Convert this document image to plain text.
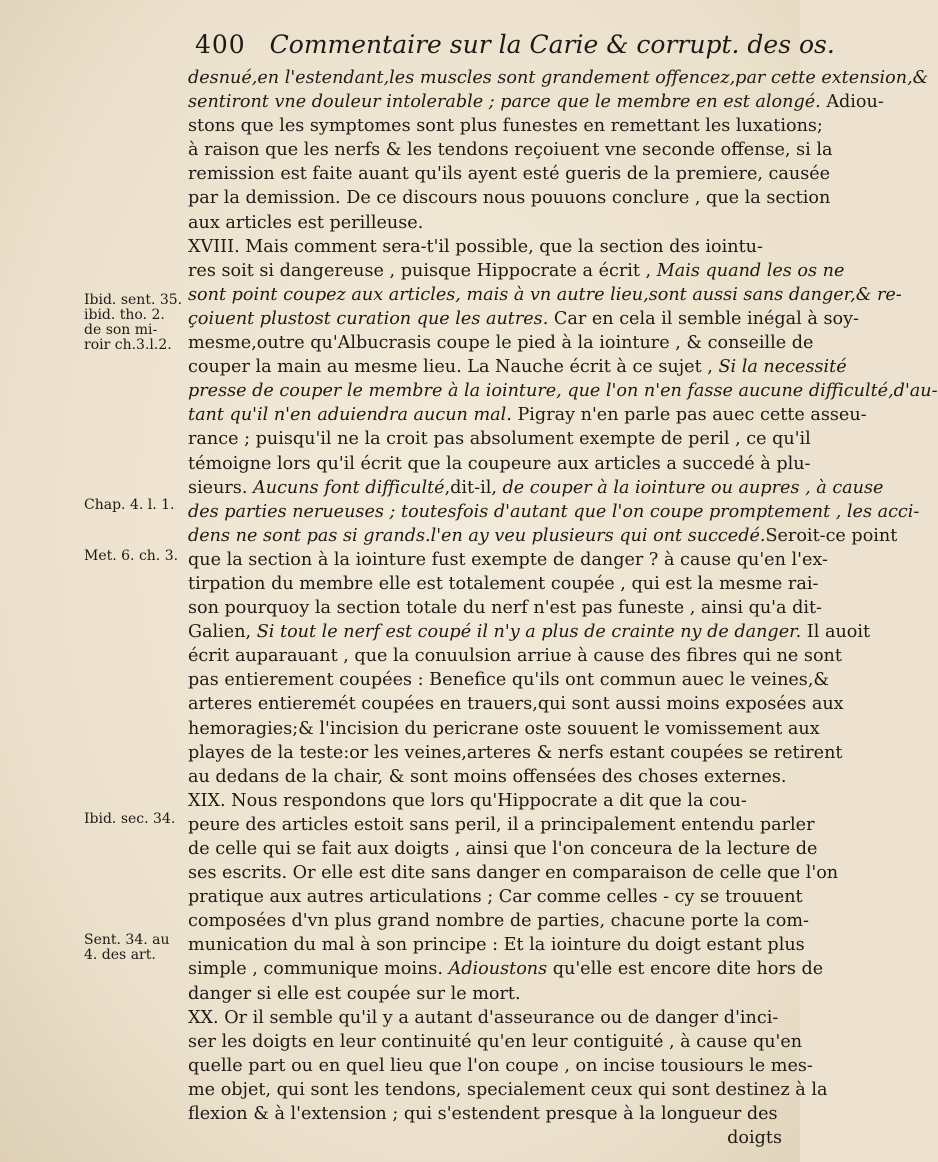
400 Commentaire sur la Carie & corrupt. des os.
desnué,en l'estendant,les muscles sont grandement offencez,par cette extension,&
sentiront vne douleur intolerable ; parce que le membre en est alongé. Adiou-
stons que les symptomes sont plus funestes en remettant les luxations;
à raison que les nerfs & les tendons reçoiuent vne seconde offense, si la
remission est faite auant qu'ils ayent esté gueris de la premiere, causée
par la demission. De ce discours nous pouuons conclure , que la section
aux articles est perilleuse.
XVIII. Mais comment sera-t'il possible, que la section des iointu-
res soit si dangereuse , puisque Hippocrate a écrit , Mais quand les os ne
sont point coupez aux articles, mais à vn autre lieu,sont aussi sans danger,& re-
çoiuent plustost curation que les autres. Car en cela il semble inégal à soy-
mesme,outre qu'Albucrasis coupe le pied à la iointure , & conseille de
couper la main au mesme lieu. La Nauche écrit à ce sujet , Si la necessité
presse de couper le membre à la iointure, que l'on n'en fasse aucune difficulté,d'au-
tant qu'il n'en aduiendra aucun mal. Pigray n'en parle pas auec cette asseu-
rance ; puisqu'il ne la croit pas absolument exempte de peril , ce qu'il
témoigne lors qu'il écrit que la coupeure aux articles a succedé à plu-
sieurs. Aucuns font difficulté,dit-il, de couper à la iointure ou aupres , à cause
des parties nerueuses ; toutesfois d'autant que l'on coupe promptement , les acci-
dens ne sont pas si grands.l'en ay veu plusieurs qui ont succedé.Seroit-ce point
que la section à la iointure fust exempte de danger ? à cause qu'en l'ex-
tirpation du membre elle est totalement coupée , qui est la mesme rai-
son pourquoy la section totale du nerf n'est pas funeste , ainsi qu'a dit-
Galien, Si tout le nerf est coupé il n'y a plus de crainte ny de danger. Il auoit
écrit auparauant , que la conuulsion arriue à cause des fibres qui ne sont
pas entierement coupées : Benefice qu'ils ont commun auec le veines,&
arteres entieremét coupées en trauers,qui sont aussi moins exposées aux
hemoragies;& l'incision du pericrane oste souuent le vomissement aux
playes de la teste:or les veines,arteres & nerfs estant coupées se retirent
au dedans de la chair, & sont moins offensées des choses externes.
XIX. Nous respondons que lors qu'Hippocrate a dit que la cou-
peure des articles estoit sans peril, il a principalement entendu parler
de celle qui se fait aux doigts , ainsi que l'on conceura de la lecture de
ses escrits. Or elle est dite sans danger en comparaison de celle que l'on
pratique aux autres articulations ; Car comme celles - cy se trouuent
composées d'vn plus grand nombre de parties, chacune porte la com-
munication du mal à son principe : Et la iointure du doigt estant plus
simple , communique moins. Adioustons qu'elle est encore dite hors de
danger si elle est coupée sur le mort.
XX. Or il semble qu'il y a autant d'asseurance ou de danger d'inci-
ser les doigts en leur continuité qu'en leur contiguité , à cause qu'en
quelle part ou en quel lieu que l'on coupe , on incise tousiours le mes-
me objet, qui sont les tendons, specialement ceux qui sont destinez à la
flexion & à l'extension ; qui s'estendent presque à la longueur des
doigts
Ibid. sent. 35.
ibid. tho. 2.
de son mi-
roir ch.3.l.2.
Chap. 4. l. 1.
Met. 6. ch. 3.
Ibid. sec. 34.
Sent. 34. au
4. des art.
